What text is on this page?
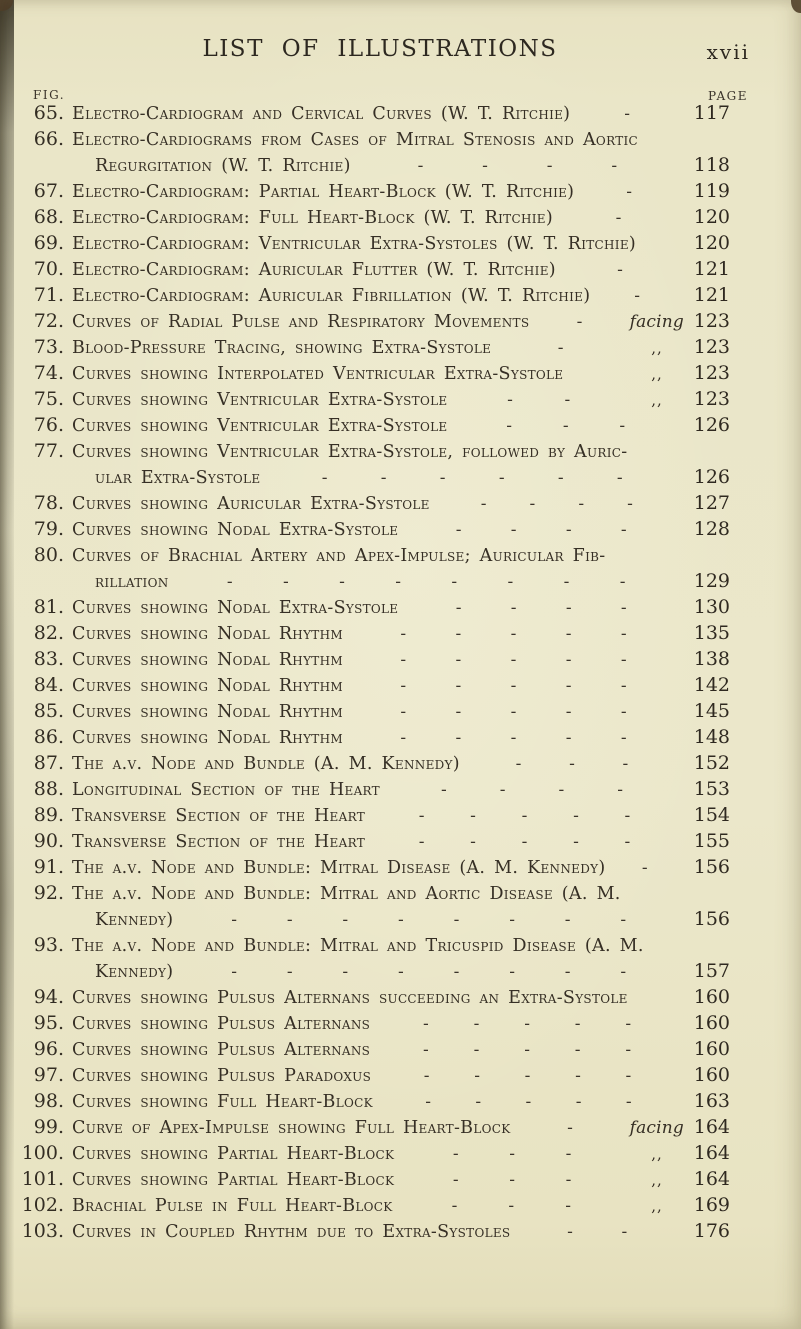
LIST OF ILLUSTRATIONS	xvii
FIG.	PAGE
65. Electro-Cardiogram and Cervical Curves (W. T. Ritchie)	-	117
66. Electro-Cardiograms from Cases of Mitral Stenosis and Aortic
Regurgitation (W. T. Ritchie)	-	-	-	-	118
67. Electro-Cardiogram: Partial Heart-Block (W. T. Ritchie)	-	119
68. Electro-Cardiogram: Full Heart-Block (W. T. Ritchie)	-	120
69. Electro-Cardiogram: Ventricular Extra-Systoles (W. T. Ritchie)	120
70. Electro-Cardiogram: Auricular Flutter (W. T. Ritchie)	-	121
71. Electro-Cardiogram: Auricular Fibrillation (W. T. Ritchie)	-	121
72. Curves of Radial Pulse and Respiratory Movements	-	facing 123
73. Blood-Pressure Tracing, showing Extra-Systole	-	,,	123
74. Curves showing Interpolated Ventricular Extra-Systole	,,	123
75. Curves showing Ventricular Extra-Systole	-	-	,,	123
76. Curves showing Ventricular Extra-Systole	-	-	-	126
77. Curves showing Ventricular Extra-Systole, followed by Auric-
ular Extra-Systole	-	-	-	-	-	-	126
78. Curves showing Auricular Extra-Systole	-	-	-	-	127
79. Curves showing Nodal Extra-Systole	-	-	-	-	128
80. Curves of Brachial Artery and Apex-Impulse; Auricular Fib-
rillation	-	-	-	-	-	-	-	-	129
81. Curves showing Nodal Extra-Systole	-	-	-	-	130
82. Curves showing Nodal Rhythm	-	-	-	-	-	135
83. Curves showing Nodal Rhythm	-	-	-	-	-	138
84. Curves showing Nodal Rhythm	-	-	-	-	-	142
85. Curves showing Nodal Rhythm	-	-	-	-	-	145
86. Curves showing Nodal Rhythm	-	-	-	-	-	148
87. The a.v. Node and Bundle (A. M. Kennedy)	-	-	-	152
88. Longitudinal Section of the Heart	-	-	-	-	153
89. Transverse Section of the Heart	-	-	-	-	-	154
90. Transverse Section of the Heart	-	-	-	-	-	155
91. The a.v. Node and Bundle: Mitral Disease (A. M. Kennedy) -	156
92. The a.v. Node and Bundle: Mitral and Aortic Disease (A. M.
Kennedy)	-	-	-	-	-	-	-	-	156
93. The a.v. Node and Bundle: Mitral and Tricuspid Disease (A. M.
Kennedy)	-	-	-	-	-	-	-	-	157
94. Curves showing Pulsus Alternans succeeding an Extra-Systole	160
95. Curves showing Pulsus Alternans	-	-	-	-	-	160
96. Curves showing Pulsus Alternans	-	-	-	-	-	160
97. Curves showing Pulsus Paradoxus	-	-	-	-	-	160
98. Curves showing Full Heart-Block	-	-	-	-	-	163
99. Curve of Apex-Impulse showing Full Heart-Block	-	facing 164
100. Curves showing Partial Heart-Block	-	-	-	,,	164
101. Curves showing Partial Heart-Block	-	-	-	,,	164
102. Brachial Pulse in Full Heart-Block	-	-	-	,,	169
103. Curves in Coupled Rhythm due to Extra-Systoles	-	-	176
